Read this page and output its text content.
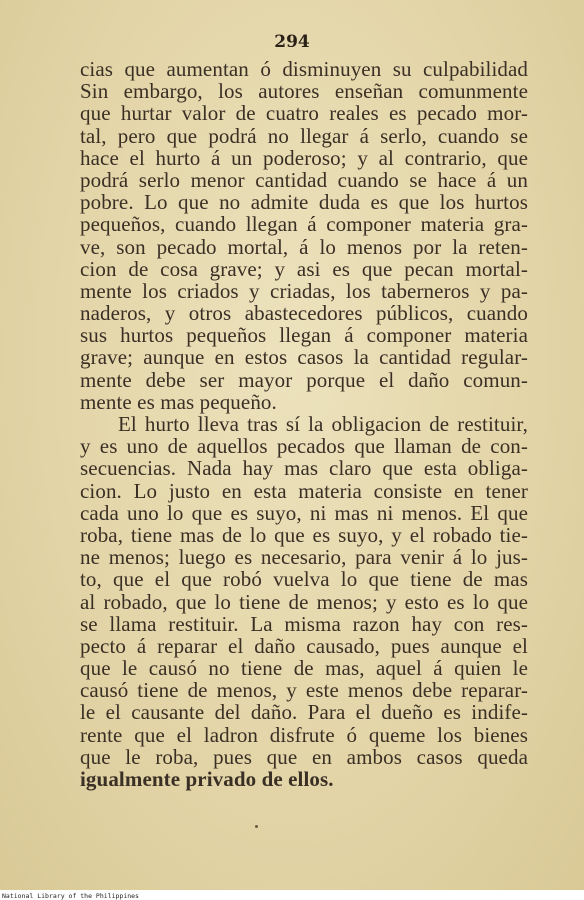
294
cias que aumentan ó disminuyen su culpabilidad
Sin embargo, los autores enseñan comunmente
que hurtar valor de cuatro reales es pecado mor-
tal, pero que podrá no llegar á serlo, cuando se
hace el hurto á un poderoso; y al contrario, que
podrá serlo menor cantidad cuando se hace á un
pobre. Lo que no admite duda es que los hurtos
pequeños, cuando llegan á componer materia gra-
ve, son pecado mortal, á lo menos por la reten-
cion de cosa grave; y asi es que pecan mortal-
mente los criados y criadas, los taberneros y pa-
naderos, y otros abastecedores públicos, cuando
sus hurtos pequeños llegan á componer materia
grave; aunque en estos casos la cantidad regular-
mente debe ser mayor porque el daño comun-
mente es mas pequeño.
El hurto lleva tras sí la obligacion de restituir,
y es uno de aquellos pecados que llaman de con-
secuencias. Nada hay mas claro que esta obliga-
cion. Lo justo en esta materia consiste en tener
cada uno lo que es suyo, ni mas ni menos. El que
roba, tiene mas de lo que es suyo, y el robado tie-
ne menos; luego es necesario, para venir á lo jus-
to, que el que robó vuelva lo que tiene de mas
al robado, que lo tiene de menos; y esto es lo que
se llama restituir. La misma razon hay con res-
pecto á reparar el daño causado, pues aunque el
que le causó no tiene de mas, aquel á quien le
causó tiene de menos, y este menos debe reparar-
le el causante del daño. Para el dueño es indife-
rente que el ladron disfrute ó queme los bienes
que le roba, pues que en ambos casos queda
igualmente privado de ellos.
National Library of the Philippines
